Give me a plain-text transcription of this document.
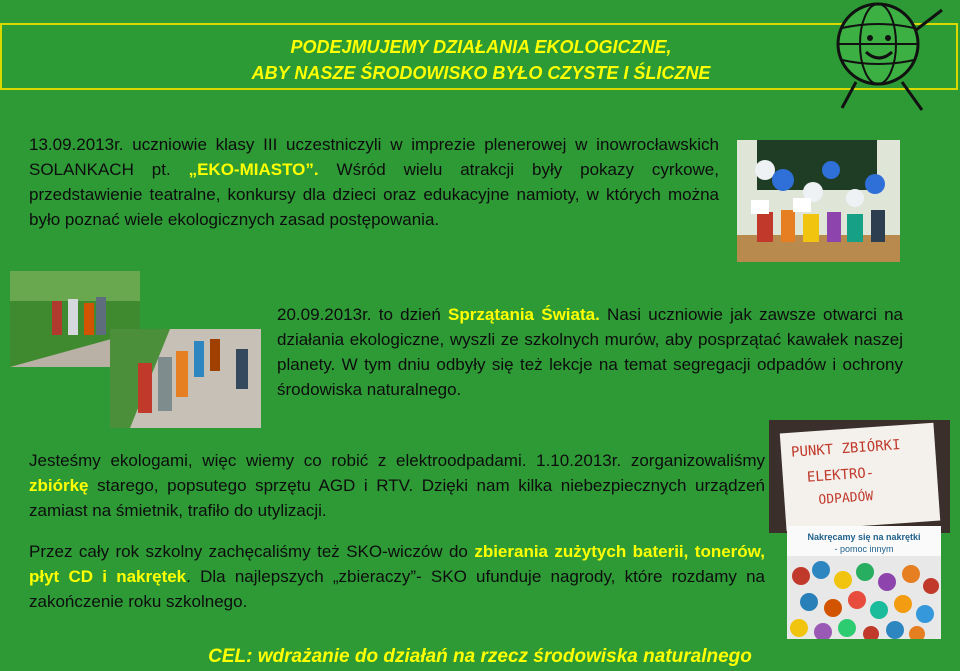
PODEJMUJEMY DZIAŁANIA EKOLOGICZNE,
ABY NASZE ŚRODOWISKO BYŁO CZYSTE I ŚLICZNE
13.09.2013r. uczniowie klasy III uczestniczyli w imprezie plenerowej w inowrocławskich SOLANKACH pt. „EKO-MIASTO”. Wśród wielu atrakcji były pokazy cyrkowe, przedstawienie teatralne, konkursy dla dzieci oraz edukacyjne namioty, w których można było poznać wiele ekologicznych zasad postępowania.
20.09.2013r. to dzień Sprzątania Świata. Nasi uczniowie jak zawsze otwarci na działania ekologiczne, wyszli ze szkolnych murów, aby posprzątać kawałek naszej planety. W tym dniu odbyły się też lekcje na temat segregacji odpadów i ochrony środowiska naturalnego.
Jesteśmy ekologami, więc wiemy co robić z elektroodpadami. 1.10.2013r. zorganizowaliśmy zbiórkę starego, popsutego sprzętu AGD i RTV. Dzięki nam kilka niebezpiecznych urządzeń zamiast na śmietnik, trafiło do utylizacji.
PUNKT ZBIÓRKI
ELEKTRO-
ODPADÓW
Przez cały rok szkolny zachęcaliśmy też SKO-wiczów do zbierania zużytych baterii, tonerów, płyt CD i nakrętek. Dla najlepszych „zbieraczy”- SKO ufunduje nagrody, które rozdamy na zakończenie roku szkolnego.
Nakręcamy się na nakrętki
- pomoc innym
CEL: wdrażanie do działań na rzecz środowiska naturalnego
